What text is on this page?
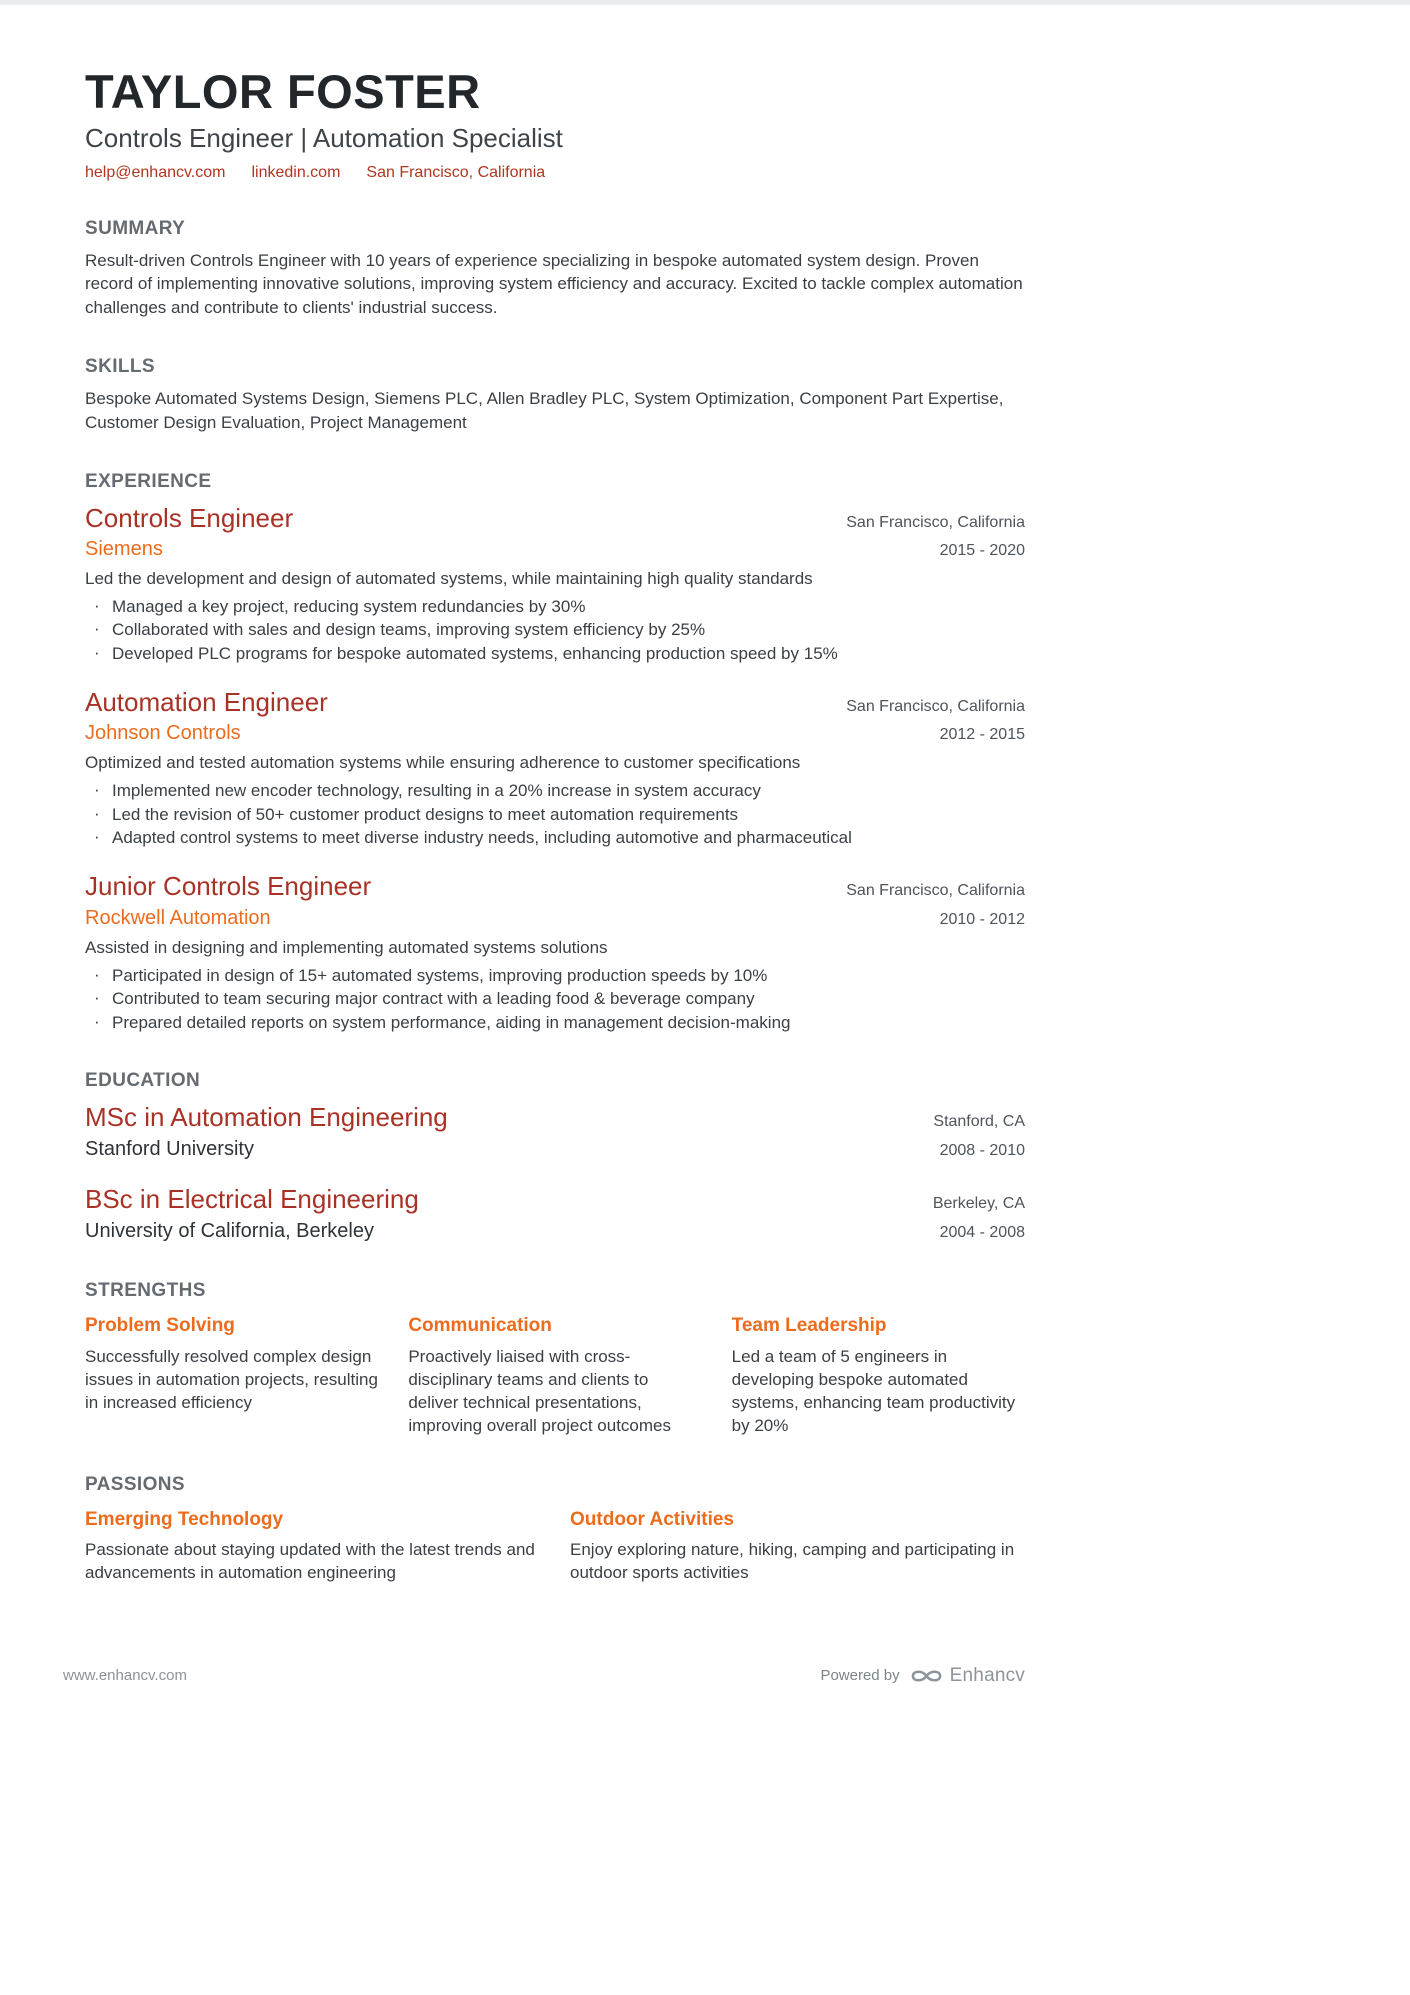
TAYLOR FOSTER
Controls Engineer | Automation Specialist
help@enhancv.com linkedin.com San Francisco, California
SUMMARY

Result-driven Controls Engineer with 10 years of experience specializing in bespoke automated system design. Proven record of implementing innovative solutions, improving system efficiency and accuracy. Excited to tackle complex automation challenges and contribute to clients' industrial success.

SKILLS

Bespoke Automated Systems Design, Siemens PLC, Allen Bradley PLC, System Optimization, Component Part Expertise, Customer Design Evaluation, Project Management

EXPERIENCE
Controls Engineer	San Francisco, California
Siemens	2015 - 2020

Led the development and design of automated systems, while maintaining high quality standards

· Managed a key project, reducing system redundancies by 30%
· Collaborated with sales and design teams, improving system efficiency by 25%
· Developed PLC programs for bespoke automated systems, enhancing production speed by 15%
Automation Engineer	San Francisco, California
Johnson Controls	2012 - 2015

Optimized and tested automation systems while ensuring adherence to customer specifications

· Implemented new encoder technology, resulting in a 20% increase in system accuracy
· Led the revision of 50+ customer product designs to meet automation requirements
· Adapted control systems to meet diverse industry needs, including automotive and pharmaceutical
Junior Controls Engineer	San Francisco, California
Rockwell Automation	2010 - 2012

Assisted in designing and implementing automated systems solutions

· Participated in design of 15+ automated systems, improving production speeds by 10%
· Contributed to team securing major contract with a leading food & beverage company
· Prepared detailed reports on system performance, aiding in management decision-making
EDUCATION
MSc in Automation Engineering	Stanford, CA
Stanford University	2008 - 2010
BSc in Electrical Engineering	Berkeley, CA
University of California, Berkeley	2004 - 2008
STRENGTHS
Problem Solving

Successfully resolved complex design issues in automation projects, resulting in increased efficiency

Communication

Proactively liaised with cross-disciplinary teams and clients to deliver technical presentations, improving overall project outcomes

Team Leadership

Led a team of 5 engineers in developing bespoke automated systems, enhancing team productivity by 20%

PASSIONS
Emerging Technology

Passionate about staying updated with the latest trends and advancements in automation engineering

Outdoor Activities

Enjoy exploring nature, hiking, camping and participating in outdoor sports activities

www.enhancv.com	Powered by	Enhancv
